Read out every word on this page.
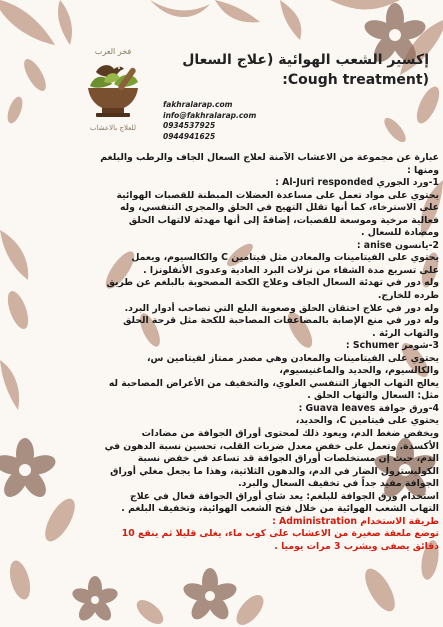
فخر العرب
للعلاج بالاعشاب
إكسير الشعب الهوائية (علاج السعال
(Cough treatment:
fakhralarap.com
info@fakhralarap.com
0934537925
0944941625

عبارة عن مجموعة من الاعشاب الآمنة لعلاج السعال الجاف والرطب والبلغم

ومنها :

1-ورد الجوري Al-Juri responded :

يحتوي على مواد تعمل على مساعدة العضلات المبطنة للقصبات الهوائية

على الاسترخاء، كما أنها تقلل التهيج في الحلق والمجرى التنفسي، وله

فعالية مرخية وموسعة للقصبات، إضافةً إلى أنها مهدئة لالتهاب الحلق

ومضادة للسعال .

2-يانسون anise :

يحتوي على الفيتامينات والمعادن مثل فيتامين C والكالسيوم، ويعمل

على تسريع مدة الشفاء من نزلات البرد العادية وعدوى الأنفلونزا .

وله دور في تهدئة السعال الجاف وعلاج الكحة المصحوبة بالبلغم عن طريق

طرده للخارج.

وله دور في علاج احتقان الحلق وصعوبة البلع التي تصاحب أدوار البرد.

وله دور في منع الإصابة بالمضاعفات المصاحبة للكحة مثل قرحة الحلق

والتهاب الرئة .

3-شومر Schumer :

يحتوي على الفيتامينات والمعادن وهي مصدر ممتاز لفيتامين س،

والكالسيوم، والحديد والماغنيسيوم،

يعالج التهاب الجهاز التنفسي العلوي، والتخفيف من الأعراض المصاحبة له

مثل: السعال والتهاب الحلق .

4-ورق جوافة Guava leaves :

يحتوي على فيتامين C، والحديد،

ويخفض ضغط الدم، ويعود ذلك لمحتوى أوراق الجوافة من مضادات

الأكسدة. وتعمل على خفض معدل ضربات القلب، تحسين نسبة الدهون في

الدم، حيث إن مستخلصات أوراق الجوافة قد تساعد في خفض نسبة

الكوليسترول الضار في الدم، والدهون الثلاثية، وهذا ما يجعل مغلي أوراق

الجوافة مفيد جداً في تخفيف السعال والبرد.

استخدام ورق الجوافة للبلغم: يعد شاي أوراق الجوافة فعال في علاج

التهاب الشعب الهوائية من خلال فتح الشعب الهوائية، وتخفيف البلغم .

طريقة الاستخدام Administration :

توضع ملعقة صغيرة من الاعشاب على كوب ماء، يغلى قليلا ثم ينقع 10

دقائق يصفى ويشرب 3 مرات يوميا .
